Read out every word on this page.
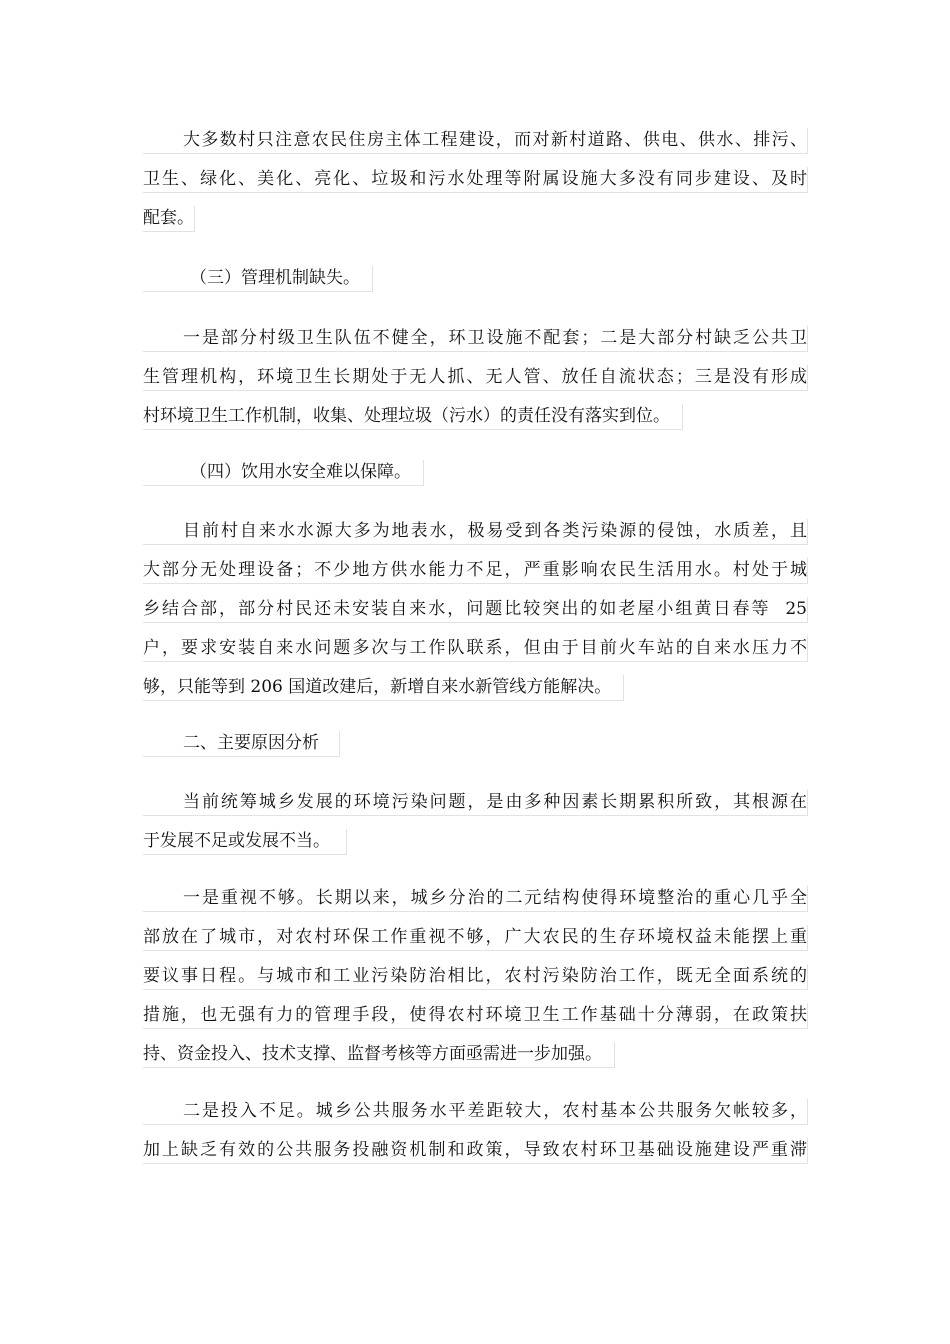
大多数村只注意农民住房主体工程建设，而对新村道路、供电、供水、排污、
卫生、绿化、美化、亮化、垃圾和污水处理等附属设施大多没有同步建设、及时
配套。
（三）管理机制缺失。
一是部分村级卫生队伍不健全，环卫设施不配套；二是大部分村缺乏公共卫
生管理机构，环境卫生长期处于无人抓、无人管、放任自流状态；三是没有形成
村环境卫生工作机制，收集、处理垃圾（污水）的责任没有落实到位。
（四）饮用水安全难以保障。
目前村自来水水源大多为地表水，极易受到各类污染源的侵蚀，水质差，且
大部分无处理设备；不少地方供水能力不足，严重影响农民生活用水。村处于城
乡结合部，部分村民还未安装自来水，问题比较突出的如老屋小组黄日春等  25
户，要求安装自来水问题多次与工作队联系，但由于目前火车站的自来水压力不
够，只能等到 206 国道改建后，新增自来水新管线方能解决。
二、主要原因分析
当前统筹城乡发展的环境污染问题，是由多种因素长期累积所致，其根源在
于发展不足或发展不当。
一是重视不够。长期以来，城乡分治的二元结构使得环境整治的重心几乎全
部放在了城市，对农村环保工作重视不够，广大农民的生存环境权益未能摆上重
要议事日程。与城市和工业污染防治相比，农村污染防治工作，既无全面系统的
措施，也无强有力的管理手段，使得农村环境卫生工作基础十分薄弱，在政策扶
持、资金投入、技术支撑、监督考核等方面亟需进一步加强。
二是投入不足。城乡公共服务水平差距较大，农村基本公共服务欠帐较多，
加上缺乏有效的公共服务投融资机制和政策，导致农村环卫基础设施建设严重滞
